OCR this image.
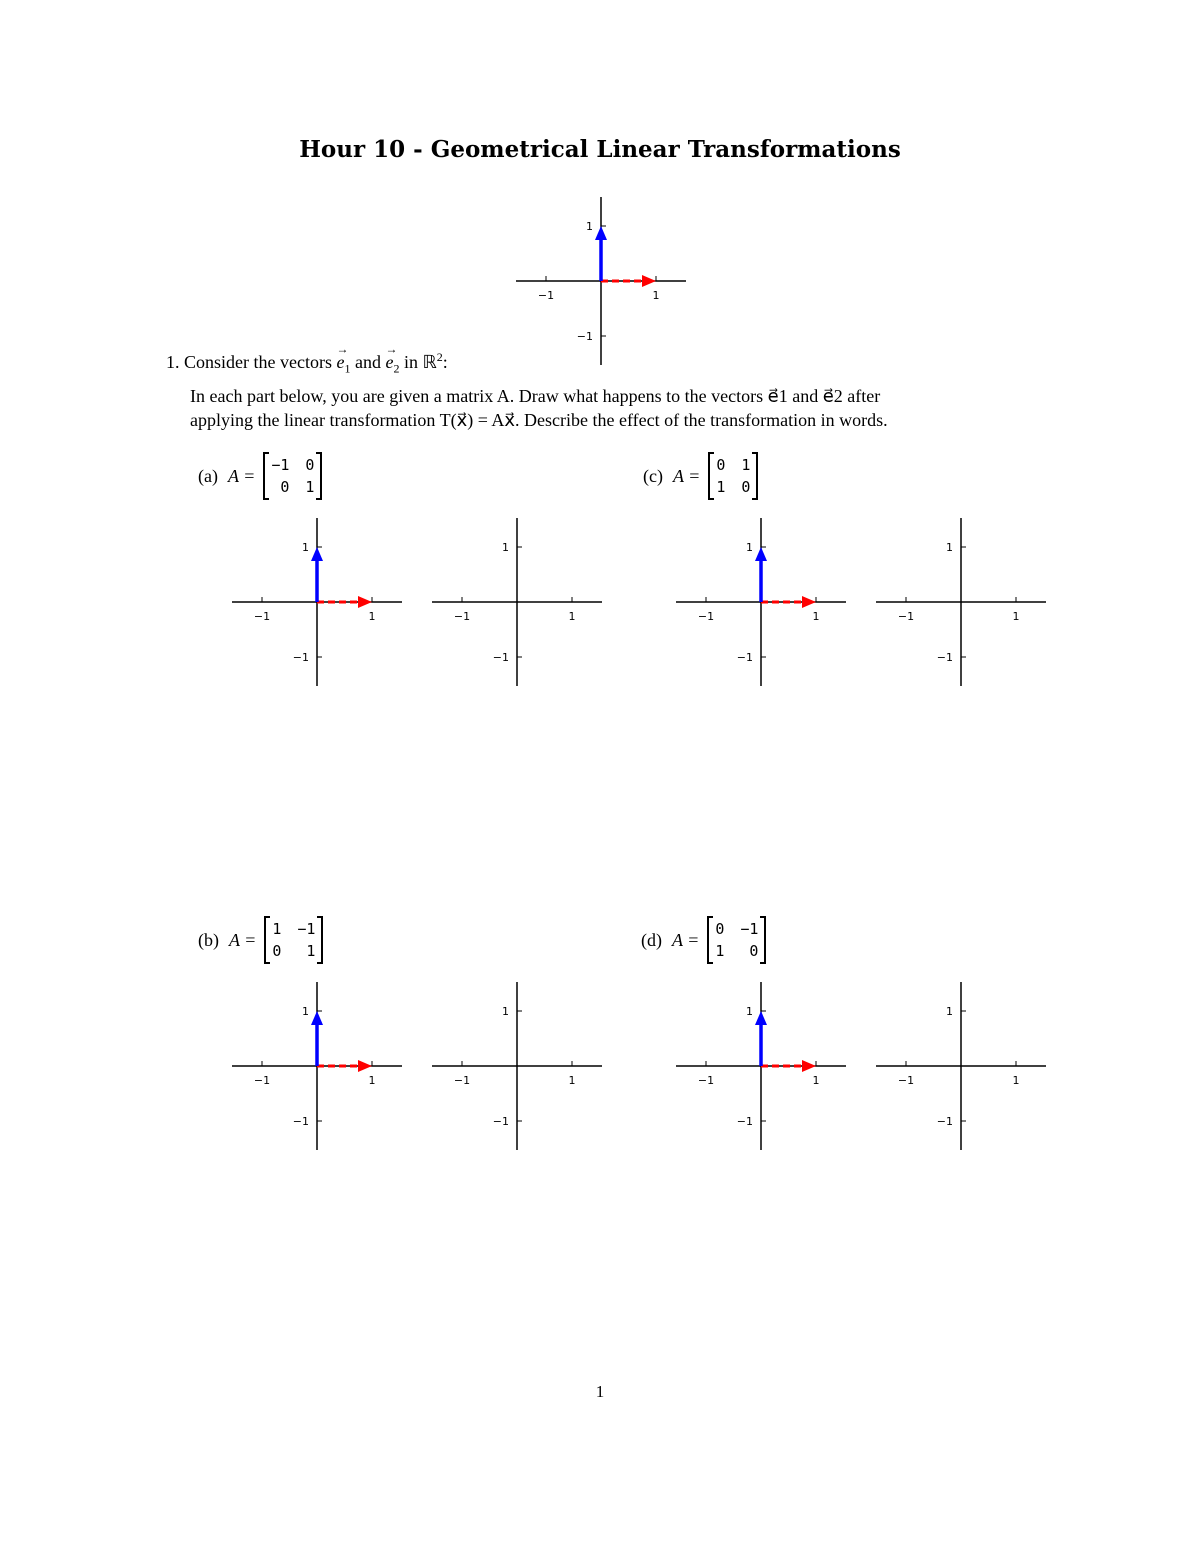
Hour 10 - Geometrical Linear Transformations
−1	1
1
−1
1. Consider the vectors → $e_1$ and → $e_2$ in ℝ$^2$:
In each part below, you are given a matrix A. Draw what happens to the vectors e⃗1 and e⃗2 after
applying the linear transformation T(x⃗) = Ax⃗. Describe the effect of the transformation in words.
(a) A =
−1 0
0 1
(c) A =
0 1
1 0
(b) A =
1 −1
0	1
(d) A =
0 −1
1	0
−1	1
1
−1
−1	1
1
−1
−1	1
1
−1
−1	1
1
−1
−1	1
1
−1
−1	1
1
−1
−1	1
1
−1
−1	1
1
−1
1
